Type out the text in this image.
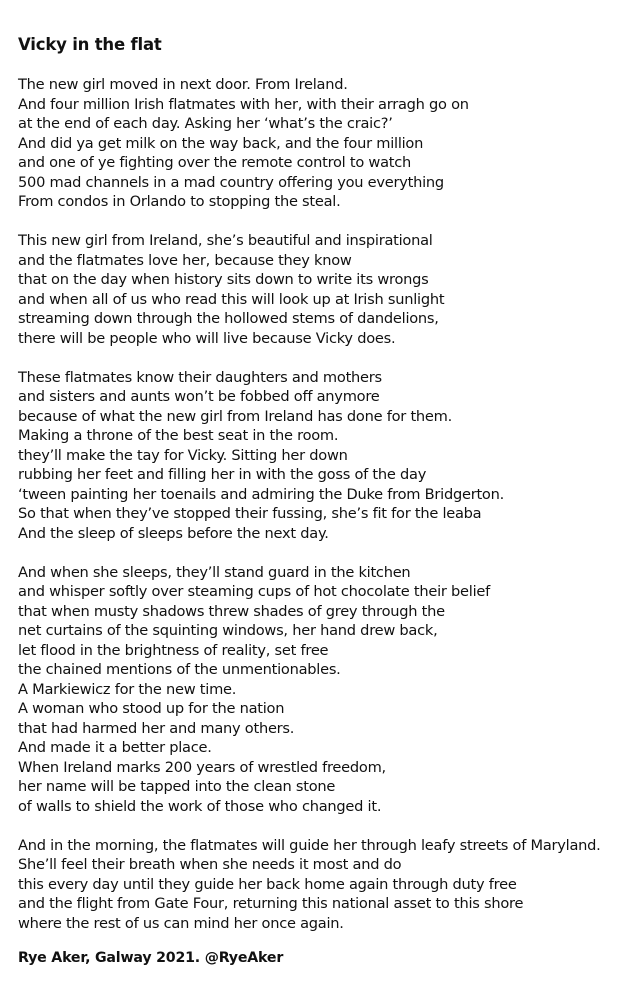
Vicky in the flat
The new girl moved in next door. From Ireland.
And four million Irish flatmates with her, with their arragh go on
at the end of each day. Asking her ‘what’s the craic?’
And did ya get milk on the way back, and the four million
and one of ye fighting over the remote control to watch
500 mad channels in a mad country offering you everything
From condos in Orlando to stopping the steal.
This new girl from Ireland, she’s beautiful and inspirational
and the flatmates love her, because they know
that on the day when history sits down to write its wrongs
and when all of us who read this will look up at Irish sunlight
streaming down through the hollowed stems of dandelions,
there will be people who will live because Vicky does.
These flatmates know their daughters and mothers
and sisters and aunts won’t be fobbed off anymore
because of what the new girl from Ireland has done for them.
Making a throne of the best seat in the room.
they’ll make the tay for Vicky. Sitting her down
rubbing her feet and filling her in with the goss of the day
‘tween painting her toenails and admiring the Duke from Bridgerton.
So that when they’ve stopped their fussing, she’s fit for the leaba
And the sleep of sleeps before the next day.
And when she sleeps, they’ll stand guard in the kitchen
and whisper softly over steaming cups of hot chocolate their belief
that when musty shadows threw shades of grey through the
net curtains of the squinting windows, her hand drew back,
let flood in the brightness of reality, set free
the chained mentions of the unmentionables.
A Markiewicz for the new time.
A woman who stood up for the nation
that had harmed her and many others.
And made it a better place.
When Ireland marks 200 years of wrestled freedom,
her name will be tapped into the clean stone
of walls to shield the work of those who changed it.
And in the morning, the flatmates will guide her through leafy streets of Maryland.
She’ll feel their breath when she needs it most and do
this every day until they guide her back home again through duty free
and the flight from Gate Four, returning this national asset to this shore
where the rest of us can mind her once again.
Rye Aker, Galway 2021. @RyeAker
